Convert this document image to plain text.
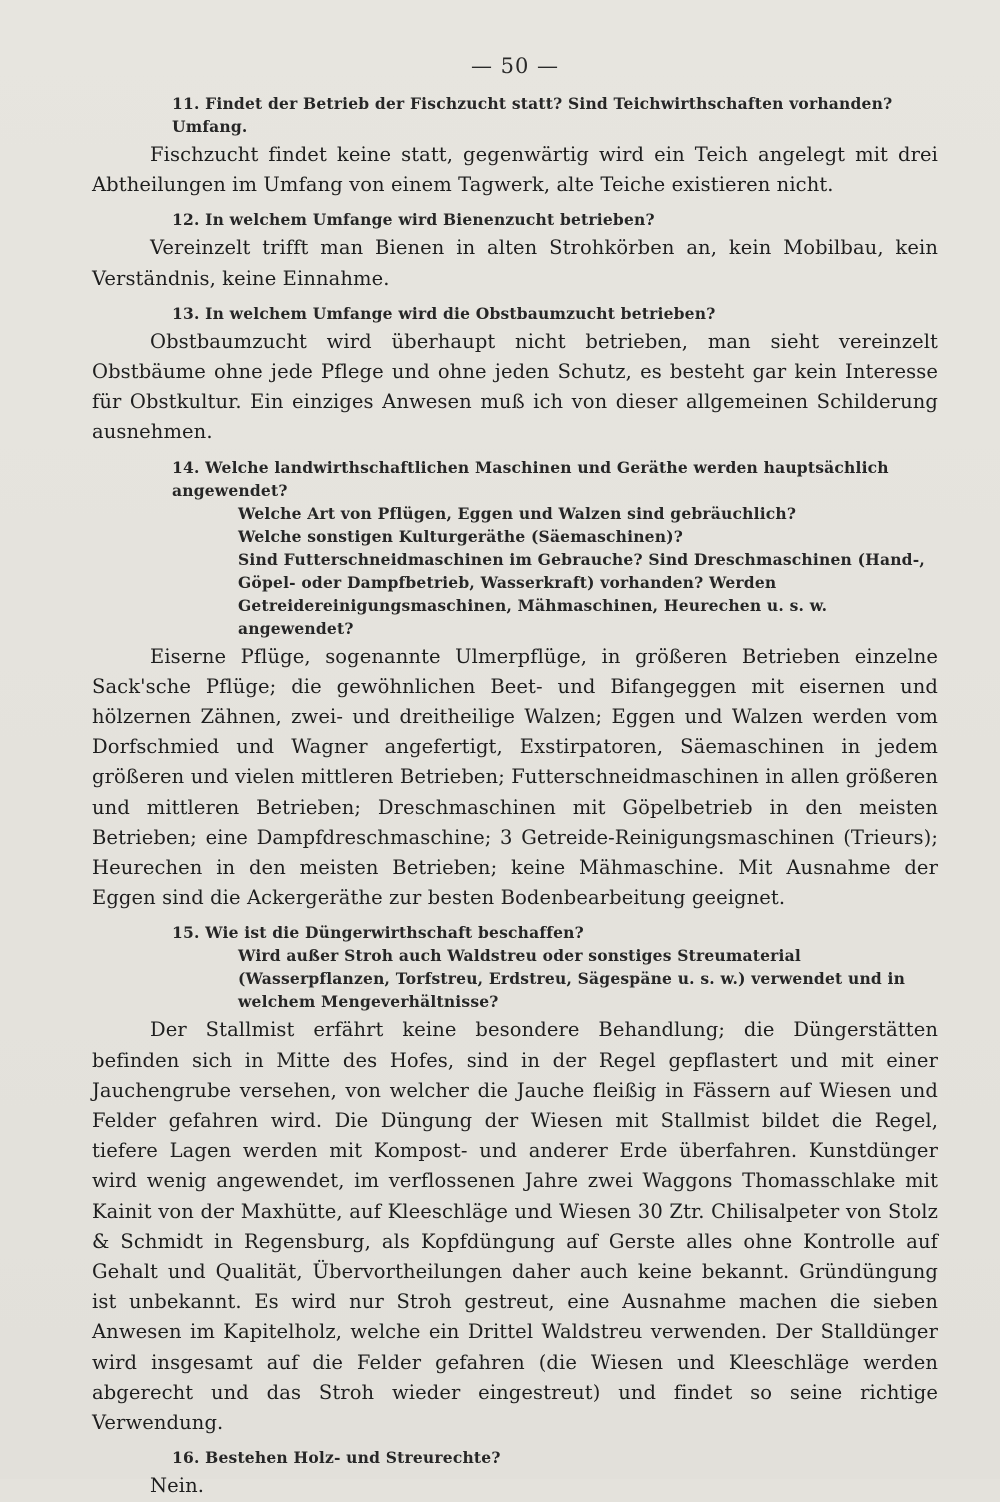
— 50 —

11. Findet der Betrieb der Fischzucht statt? Sind Teichwirthschaften vorhanden? Umfang.

Fischzucht findet keine statt, gegenwärtig wird ein Teich angelegt mit drei Abtheilungen im Umfang von einem Tagwerk, alte Teiche existieren nicht.

12. In welchem Umfange wird Bienenzucht betrieben?

Vereinzelt trifft man Bienen in alten Strohkörben an, kein Mobilbau, kein Verständnis, keine Einnahme.

13. In welchem Umfange wird die Obstbaumzucht betrieben?

Obstbaumzucht wird überhaupt nicht betrieben, man sieht vereinzelt Obstbäume ohne jede Pflege und ohne jeden Schutz, es besteht gar kein Interesse für Obstkultur. Ein einziges Anwesen muß ich von dieser allgemeinen Schilderung ausnehmen.

14. Welche landwirthschaftlichen Maschinen und Geräthe werden hauptsächlich angewendet?

Welche Art von Pflügen, Eggen und Walzen sind gebräuchlich?

Welche sonstigen Kulturgeräthe (Säemaschinen)?

Sind Futterschneidmaschinen im Gebrauche? Sind Dreschmaschinen (Hand-, Göpel- oder Dampfbetrieb, Wasserkraft) vorhanden? Werden Getreidereinigungsmaschinen, Mähmaschinen, Heurechen u. s. w. angewendet?

Eiserne Pflüge, sogenannte Ulmerpflüge, in größeren Betrieben einzelne Sack'sche Pflüge; die gewöhnlichen Beet- und Bifangeggen mit eisernen und hölzernen Zähnen, zwei- und dreitheilige Walzen; Eggen und Walzen werden vom Dorfschmied und Wagner angefertigt, Exstirpatoren, Säemaschinen in jedem größeren und vielen mittleren Betrieben; Futterschneidmaschinen in allen größeren und mittleren Betrieben; Dreschmaschinen mit Göpelbetrieb in den meisten Betrieben; eine Dampfdreschmaschine; 3 Getreide-Reinigungsmaschinen (Trieurs); Heurechen in den meisten Betrieben; keine Mähmaschine. Mit Ausnahme der Eggen sind die Ackergeräthe zur besten Bodenbearbeitung geeignet.

15. Wie ist die Düngerwirthschaft beschaffen?

Wird außer Stroh auch Waldstreu oder sonstiges Streumaterial (Wasserpflanzen, Torfstreu, Erdstreu, Sägespäne u. s. w.) verwendet und in welchem Mengeverhältnisse?

Der Stallmist erfährt keine besondere Behandlung; die Düngerstätten befinden sich in Mitte des Hofes, sind in der Regel gepflastert und mit einer Jauchengrube versehen, von welcher die Jauche fleißig in Fässern auf Wiesen und Felder gefahren wird. Die Düngung der Wiesen mit Stallmist bildet die Regel, tiefere Lagen werden mit Kompost- und anderer Erde überfahren. Kunstdünger wird wenig angewendet, im verflossenen Jahre zwei Waggons Thomasschlake mit Kainit von der Maxhütte, auf Kleeschläge und Wiesen 30 Ztr. Chilisalpeter von Stolz & Schmidt in Regensburg, als Kopfdüngung auf Gerste alles ohne Kontrolle auf Gehalt und Qualität, Übervortheilungen daher auch keine bekannt. Gründüngung ist unbekannt. Es wird nur Stroh gestreut, eine Ausnahme machen die sieben Anwesen im Kapitelholz, welche ein Drittel Waldstreu verwenden. Der Stalldünger wird insgesamt auf die Felder gefahren (die Wiesen und Kleeschläge werden abgerecht und das Stroh wieder eingestreut) und findet so seine richtige Verwendung.

16. Bestehen Holz- und Streurechte?

Nein.
